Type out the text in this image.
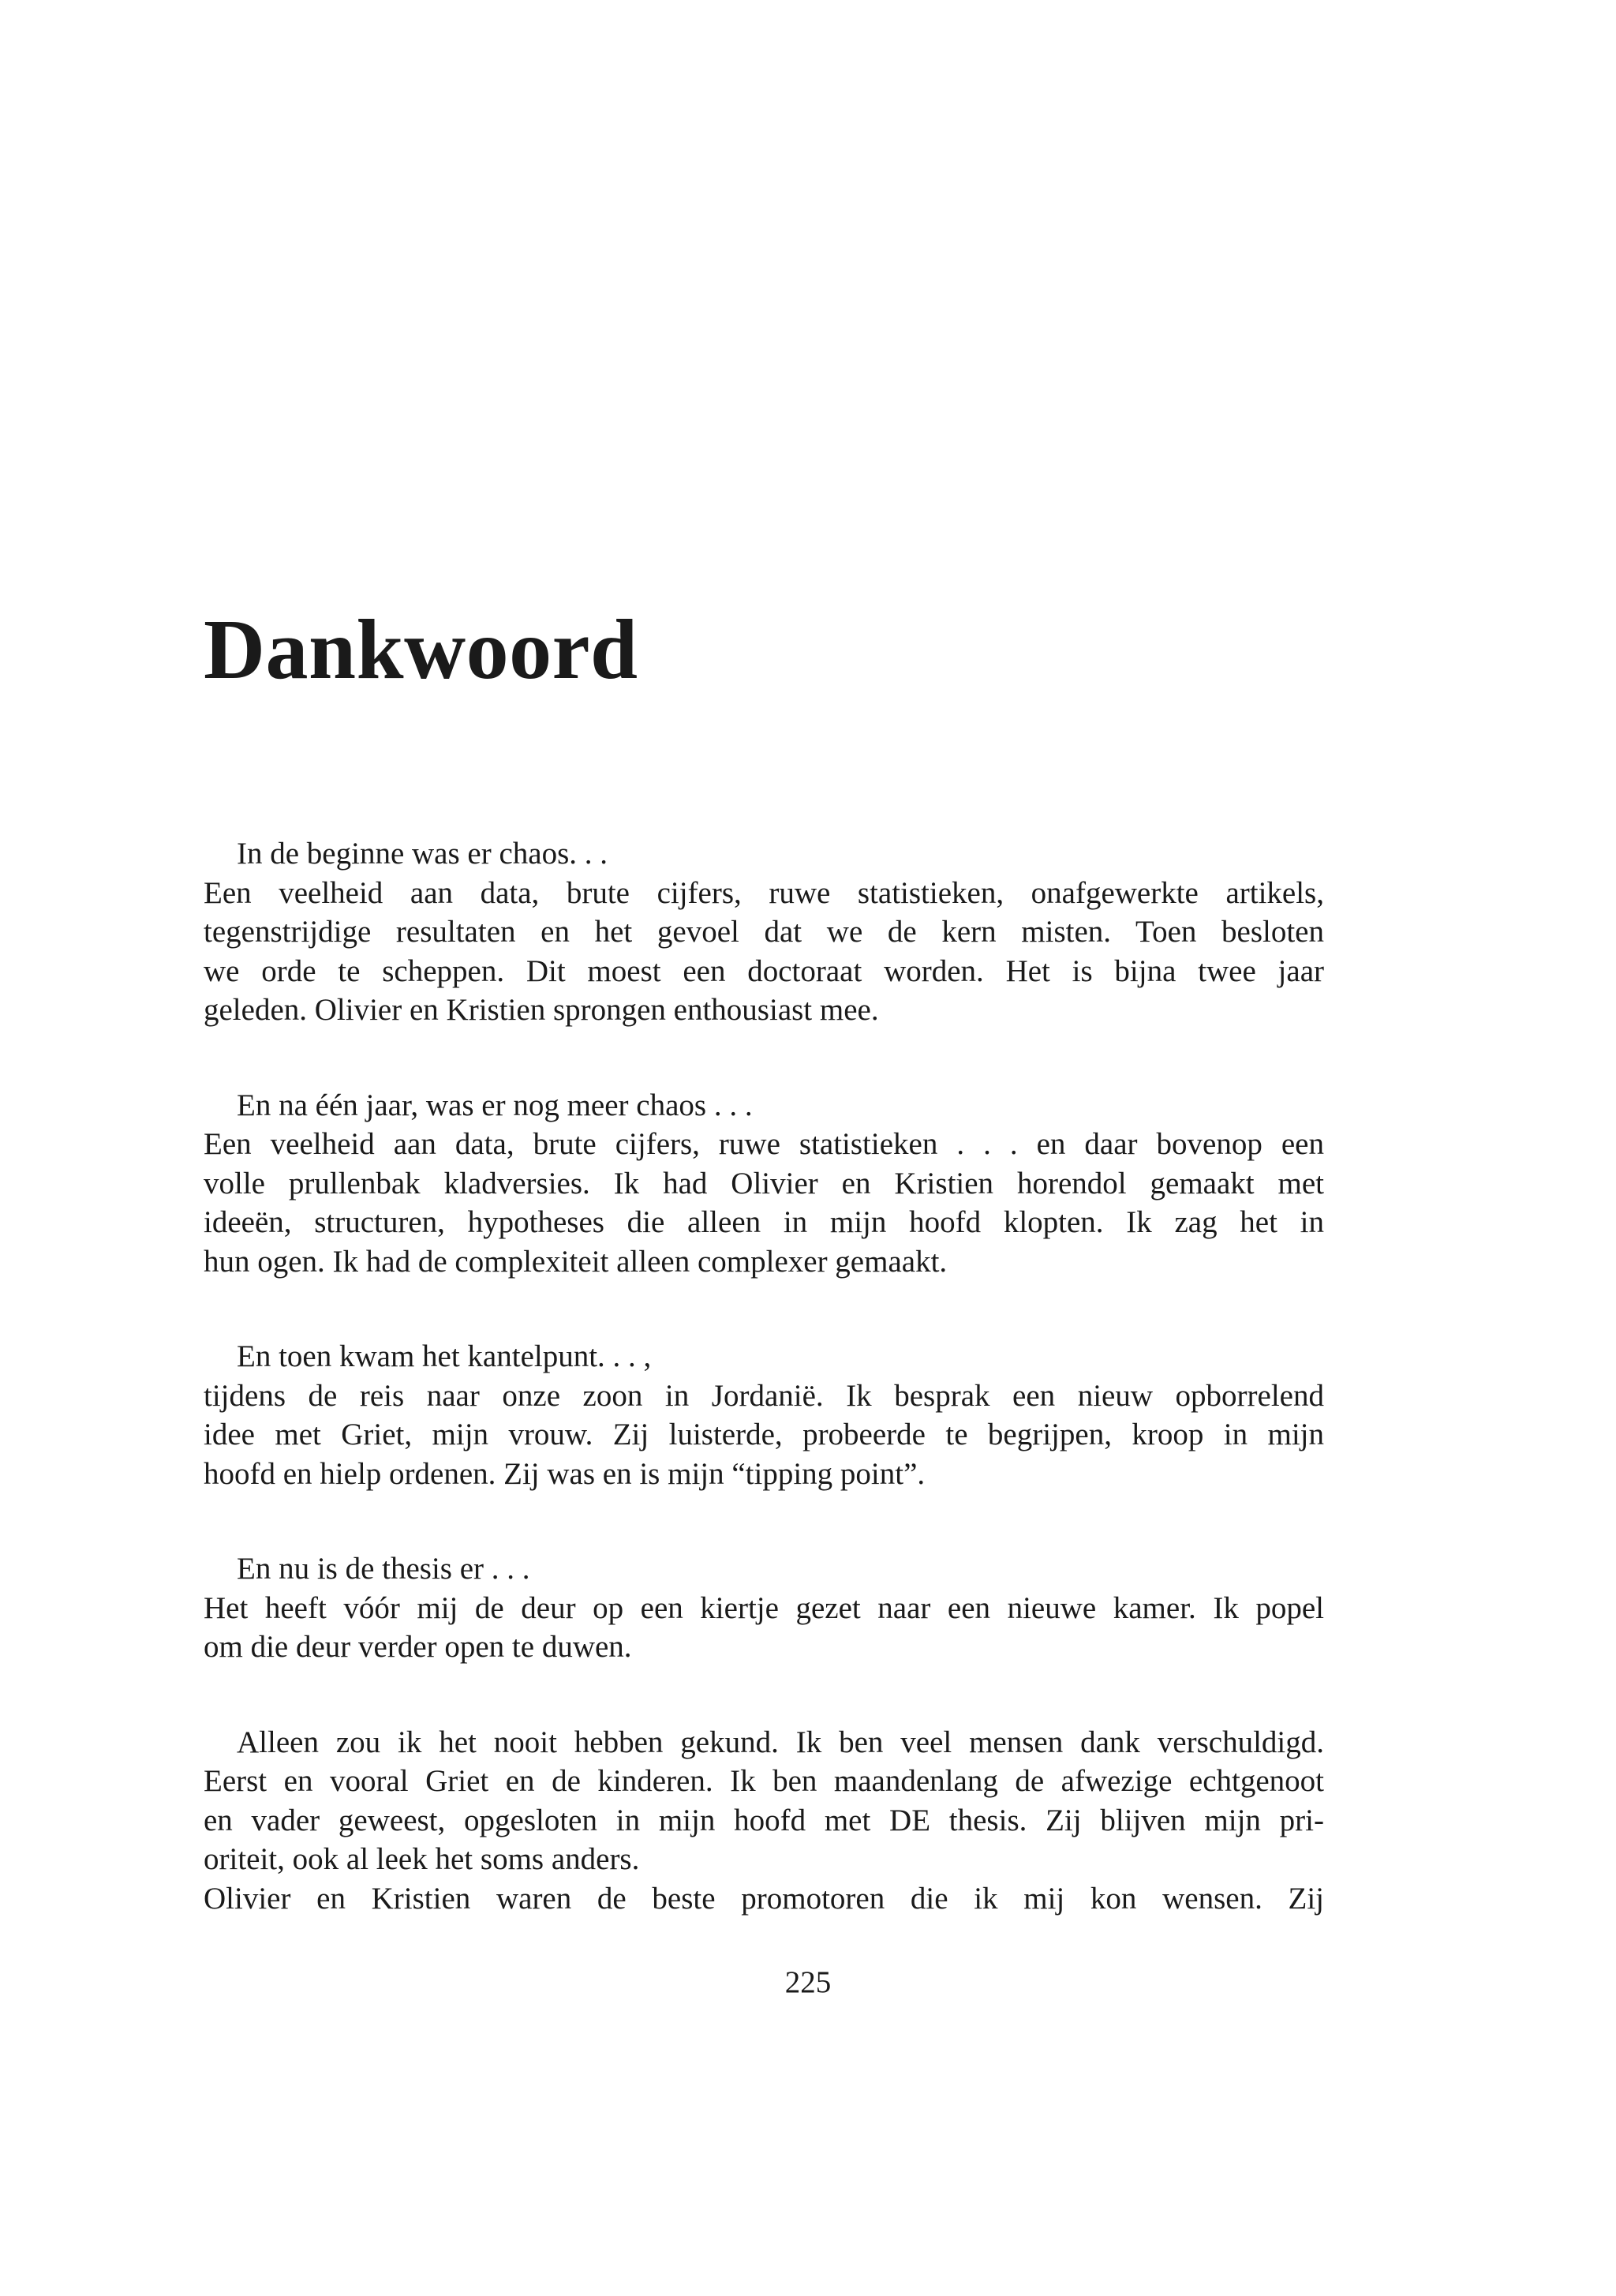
Dankwoord
In de beginne was er chaos. . .
Een veelheid aan data, brute cijfers, ruwe statistieken, onafgewerkte artikels,
tegenstrijdige resultaten en het gevoel dat we de kern misten. Toen besloten
we orde te scheppen. Dit moest een doctoraat worden. Het is bijna twee jaar
geleden. Olivier en Kristien sprongen enthousiast mee.
En na één jaar, was er nog meer chaos . . .
Een veelheid aan data, brute cijfers, ruwe statistieken . . . en daar bovenop een
volle prullenbak kladversies. Ik had Olivier en Kristien horendol gemaakt met
ideeën, structuren, hypotheses die alleen in mijn hoofd klopten. Ik zag het in
hun ogen. Ik had de complexiteit alleen complexer gemaakt.
En toen kwam het kantelpunt. . . ,
tijdens de reis naar onze zoon in Jordanië. Ik besprak een nieuw opborrelend
idee met Griet, mijn vrouw. Zij luisterde, probeerde te begrijpen, kroop in mijn
hoofd en hielp ordenen. Zij was en is mijn “tipping point”.
En nu is de thesis er . . .
Het heeft vóór mij de deur op een kiertje gezet naar een nieuwe kamer. Ik popel
om die deur verder open te duwen.
Alleen zou ik het nooit hebben gekund. Ik ben veel mensen dank verschuldigd.
Eerst en vooral Griet en de kinderen. Ik ben maandenlang de afwezige echtgenoot
en vader geweest, opgesloten in mijn hoofd met DE thesis. Zij blijven mijn pri-
oriteit, ook al leek het soms anders.
Olivier en Kristien waren de beste promotoren die ik mij kon wensen. Zij
225
